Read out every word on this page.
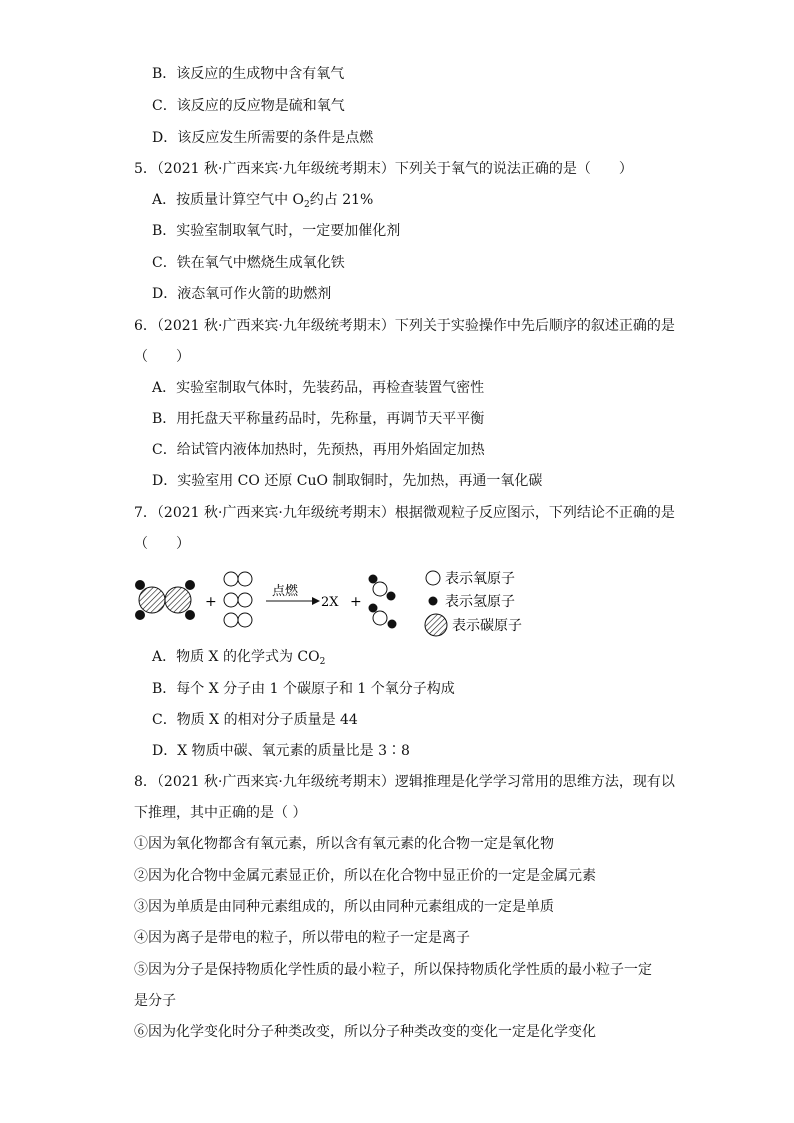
B．该反应的生成物中含有氧气
C．该反应的反应物是硫和氧气
D．该反应发生所需要的条件是点燃
5．（2021 秋·广西来宾·九年级统考期末）下列关于氧气的说法正确的是（　　）
A．按质量计算空气中 $O_2$约占 21%
B．实验室制取氧气时，一定要加催化剂
C．铁在氧气中燃烧生成氧化铁
D．液态氧可作火箭的助燃剂
6．（2021 秋·广西来宾·九年级统考期末）下列关于实验操作中先后顺序的叙述正确的是
（　　）
A．实验室制取气体时，先装药品，再检查装置气密性
B．用托盘天平称量药品时，先称量，再调节天平平衡
C．给试管内液体加热时，先预热，再用外焰固定加热
D．实验室用 CO 还原 CuO 制取铜时，先加热，再通一氧化碳
7．（2021 秋·广西来宾·九年级统考期末）根据微观粒子反应图示，下列结论不正确的是
（　　）
+
点燃
2X +
表示氧原子
表示氢原子
表示碳原子
A．物质 X 的化学式为 $CO_2$
B．每个 X 分子由 1 个碳原子和 1 个氧分子构成
C．物质 X 的相对分子质量是 44
D．X 物质中碳、氧元素的质量比是 3∶8
8．（2021 秋·广西来宾·九年级统考期末）逻辑推理是化学学习常用的思维方法，现有以
下推理，其中正确的是（ ）
①因为氧化物都含有氧元素，所以含有氧元素的化合物一定是氧化物
②因为化合物中金属元素显正价，所以在化合物中显正价的一定是金属元素
③因为单质是由同种元素组成的，所以由同种元素组成的一定是单质
④因为离子是带电的粒子，所以带电的粒子一定是离子
⑤因为分子是保持物质化学性质的最小粒子，所以保持物质化学性质的最小粒子一定
是分子
⑥因为化学变化时分子种类改变，所以分子种类改变的变化一定是化学变化
